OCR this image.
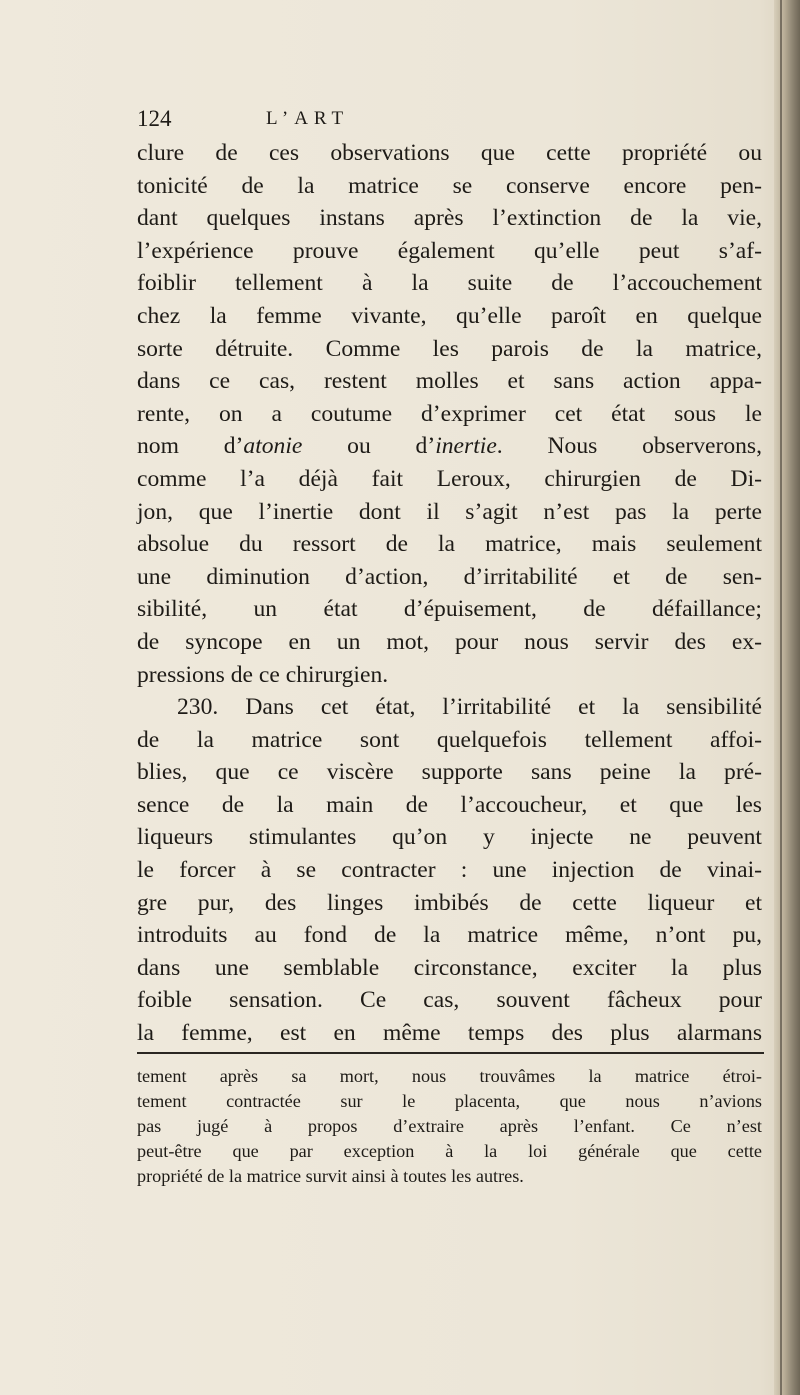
124	L’ART
clure de ces observations que cette propriété ou
tonicité de la matrice se conserve encore pen-
dant quelques instans après l’extinction de la vie,
l’expérience prouve également qu’elle peut s’af-
foiblir tellement à la suite de l’accouchement
chez la femme vivante, qu’elle paroît en quelque
sorte détruite. Comme les parois de la matrice,
dans ce cas, restent molles et sans action appa-
rente, on a coutume d’exprimer cet état sous le
nom d’atonie ou d’inertie. Nous observerons,
comme l’a déjà fait Leroux, chirurgien de Di-
jon, que l’inertie dont il s’agit n’est pas la perte
absolue du ressort de la matrice, mais seulement
une diminution d’action, d’irritabilité et de sen-
sibilité, un état d’épuisement, de défaillance;
de syncope en un mot, pour nous servir des ex-
pressions de ce chirurgien.
230. Dans cet état, l’irritabilité et la sensibilité
de la matrice sont quelquefois tellement affoi-
blies, que ce viscère supporte sans peine la pré-
sence de la main de l’accoucheur, et que les
liqueurs stimulantes qu’on y injecte ne peuvent
le forcer à se contracter : une injection de vinai-
gre pur, des linges imbibés de cette liqueur et
introduits au fond de la matrice même, n’ont pu,
dans une semblable circonstance, exciter la plus
foible sensation. Ce cas, souvent fâcheux pour
la femme, est en même temps des plus alarmans
tement après sa mort, nous trouvâmes la matrice étroi-
tement contractée sur le placenta, que nous n’avions
pas jugé à propos d’extraire après l’enfant. Ce n’est
peut-être que par exception à la loi générale que cette
propriété de la matrice survit ainsi à toutes les autres.
